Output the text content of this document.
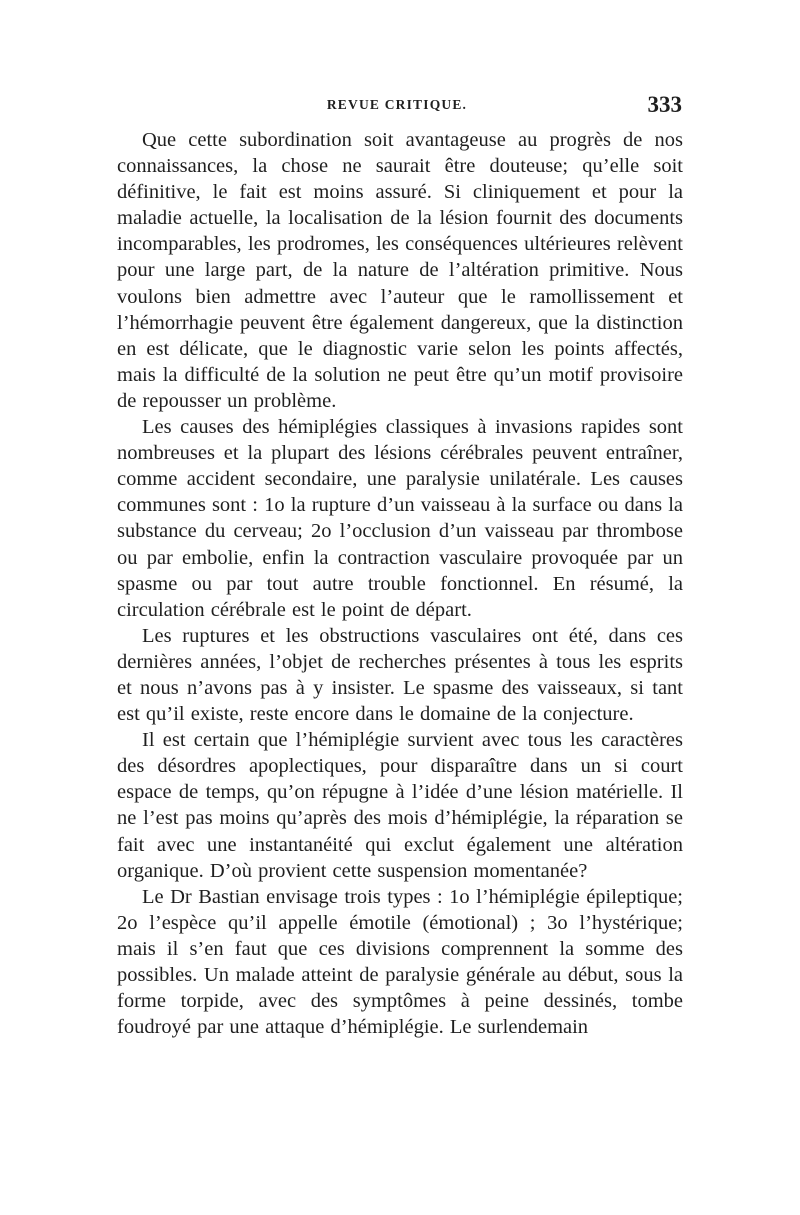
REVUE CRITIQUE.	333

Que cette subordination soit avantageuse au progrès de nos connaissances, la chose ne saurait être douteuse; qu’elle soit définitive, le fait est moins assuré. Si cliniquement et pour la maladie actuelle, la localisation de la lésion fournit des documents incomparables, les prodromes, les conséquences ultérieures relèvent pour une large part, de la nature de l’altération primitive. Nous voulons bien admettre avec l’auteur que le ramollissement et l’hémorrhagie peuvent être également dangereux, que la distinction en est délicate, que le diagnostic varie selon les points affectés, mais la difficulté de la solution ne peut être qu’un motif provisoire de repousser un problème.

Les causes des hémiplégies classiques à invasions rapides sont nombreuses et la plupart des lésions cérébrales peuvent entraîner, comme accident secondaire, une paralysie unilatérale. Les causes communes sont : 1o la rupture d’un vaisseau à la surface ou dans la substance du cerveau; 2o l’occlusion d’un vaisseau par thrombose ou par embolie, enfin la contraction vasculaire provoquée par un spasme ou par tout autre trouble fonctionnel. En résumé, la circulation cérébrale est le point de départ.

Les ruptures et les obstructions vasculaires ont été, dans ces dernières années, l’objet de recherches présentes à tous les esprits et nous n’avons pas à y insister. Le spasme des vaisseaux, si tant est qu’il existe, reste encore dans le domaine de la conjecture.

Il est certain que l’hémiplégie survient avec tous les caractères des désordres apoplectiques, pour disparaître dans un si court espace de temps, qu’on répugne à l’idée d’une lésion matérielle. Il ne l’est pas moins qu’après des mois d’hémiplégie, la réparation se fait avec une instantanéité qui exclut également une altération organique. D’où provient cette suspension momentanée?

Le Dr Bastian envisage trois types : 1o l’hémiplégie épileptique; 2o l’espèce qu’il appelle émotile (émotional) ; 3o l’hystérique; mais il s’en faut que ces divisions comprennent la somme des possibles. Un malade atteint de paralysie générale au début, sous la forme torpide, avec des symptômes à peine dessinés, tombe foudroyé par une attaque d’hémiplégie. Le surlendemain
